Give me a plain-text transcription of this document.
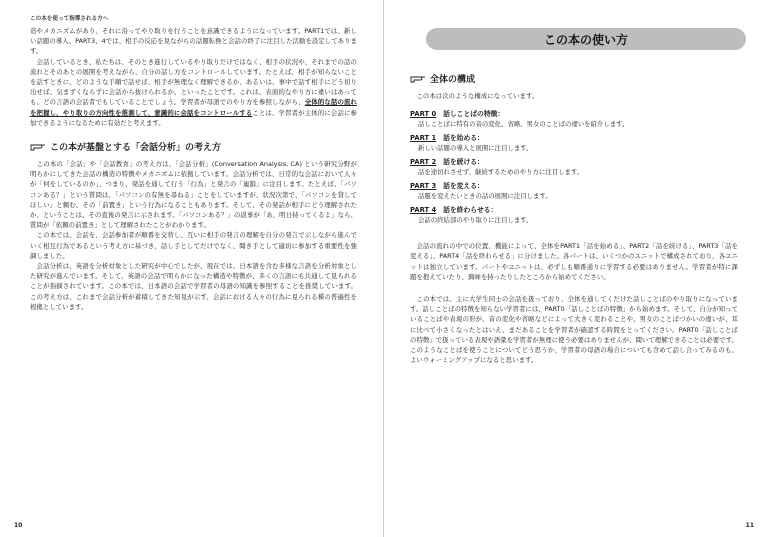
この本を使って指導される方へ

造やメカニズムがあり、それに沿ってやり取りを行うことを意識できるようになっています。PART1では、新しい話題の導入、PART3、4では、相手の反応を見ながらの話題転換と会話の終了に注目した活動を設定してあります。

　会話しているとき、私たちは、そのとき進行しているやり取りだけではなく、相手の状況や、それまでの話の流れとそのあとの展開を考えながら、自分の話し方をコントロールしています。たとえば、相手が知らないことを話すときに、どのような手順で話せば、相手が無理なく理解できるか、あるいは、事中で話す相手にどう切り出せば、気まずくならずに会話から抜けられるか、といったことです。これは、表面的なやり方に違いはあっても、どの言語の会話者でもしていることでしょう。学習者が母語でのやり方を参照しながら、全体的な話の流れを把握し、やり取りの方向性を推測して、意識的に会話をコントロールすることは、学習者が主体的に会話に参加できるようになるために有効だと考えます。

この本が基盤とする「会話分析」の考え方

　この本の「会話」や「会話教育」の考え方は、「会話分析」(Conversation Analysis, CA) という研究分野が明らかにしてきた会話の構造の特徴やメカニズムに依拠しています。会話分析では、日常的な会話において人々が「何をしているのか」、つまり、発話を通して行う「行為」と発言の「連鎖」に注目します。たとえば、「パソコンある？」という質問は、「パソコンの有無を尋ねる」ことをしていますが、状況次第で、「パソコンを貸してほしい」と頼む、その「前置き」という行為になることもあります。そして、その発話が相手にどう理解されたか、ということは、その直後の発言に示されます。「パソコンある？」の返事が「あ、明日持ってくるよ」なら、質問が「依頼の前置き」として理解されたことがわかります。

　この本では、会話を、会話参加者が順番を交替し、互いに相手の発言の理解を自分の発言で示しながら進んでいく相互行為であるという考え方に基づき、話し手としてだけでなく、聞き手として適切に参加する重要性を強調しました。

　会話分析は、英語を分析対象とした研究が中心でしたが、現在では、日本語を含む多様な言語を分析対象とした研究が進んでいます。そして、英語の会話で明らかになった構造や特徴が、多くの言語にも共通して見られることが指摘されています。この本では、日本語の会話で学習者の母語の知識を参照することを推奨しています。この考え方は、これまで会話分析が蓄積してきた知見が示す、会話における人々の行為に見られる種の普遍性を根拠としています。

10
この本の使い方
全体の構成

　この本は次のような構成になっています。

PART 0　 話しことばの特徴：
話しことばに特有の音の変化、省略、男女のことばの違いを紹介します。
PART 1　 話を始める：
新しい話題の導入と展開に注目します。
PART 2　 話を続ける：
話を途切れさせず、継続するためのやり方に注目します。
PART 3　 話を変える：
話題を変えたいときの話の展開に注目します。
PART 4　 話を終わらせる：
会話の終結部のやり取りに注目します。

　会話の流れの中での位置、機能によって、全体をPART1「話を始める」、PART2「話を続ける」、PART3「話を変える」、PART4「話を終わらせる」に分けました。各パートは、いくつかのユニットで構成されており、各ユニットは独立しています。パートやユニットは、必ずしも順番通りに学習する必要はありません。学習者が特に課題を抱えていたり、興味を持ったりしたところから始めてください。

　この本では、主に大学生同士の会話を扱っており、全体を通してくだけた話しことばのやり取りになっています。話しことばの特徴を知らない学習者には、PART0「話しことばの特徴」から始めます。そして、自分が知っていることばや表現の形が、音の変化や省略などによって大きく変わることや、男女のことばづかいの違いが、耳に比べて小さくなったとはいえ、まだあることを学習者が確認する時間をとってください。PART0「話しことばの特徴」で扱っている表現や語彙を学習者が無理に使う必要はありませんが、聞いて理解できることは必要です。このようなことばを使うことについてどう思うか、学習者の母語の場合についても含めて話し合ってみるのも、よいウォーミングアップになると思います。

11
